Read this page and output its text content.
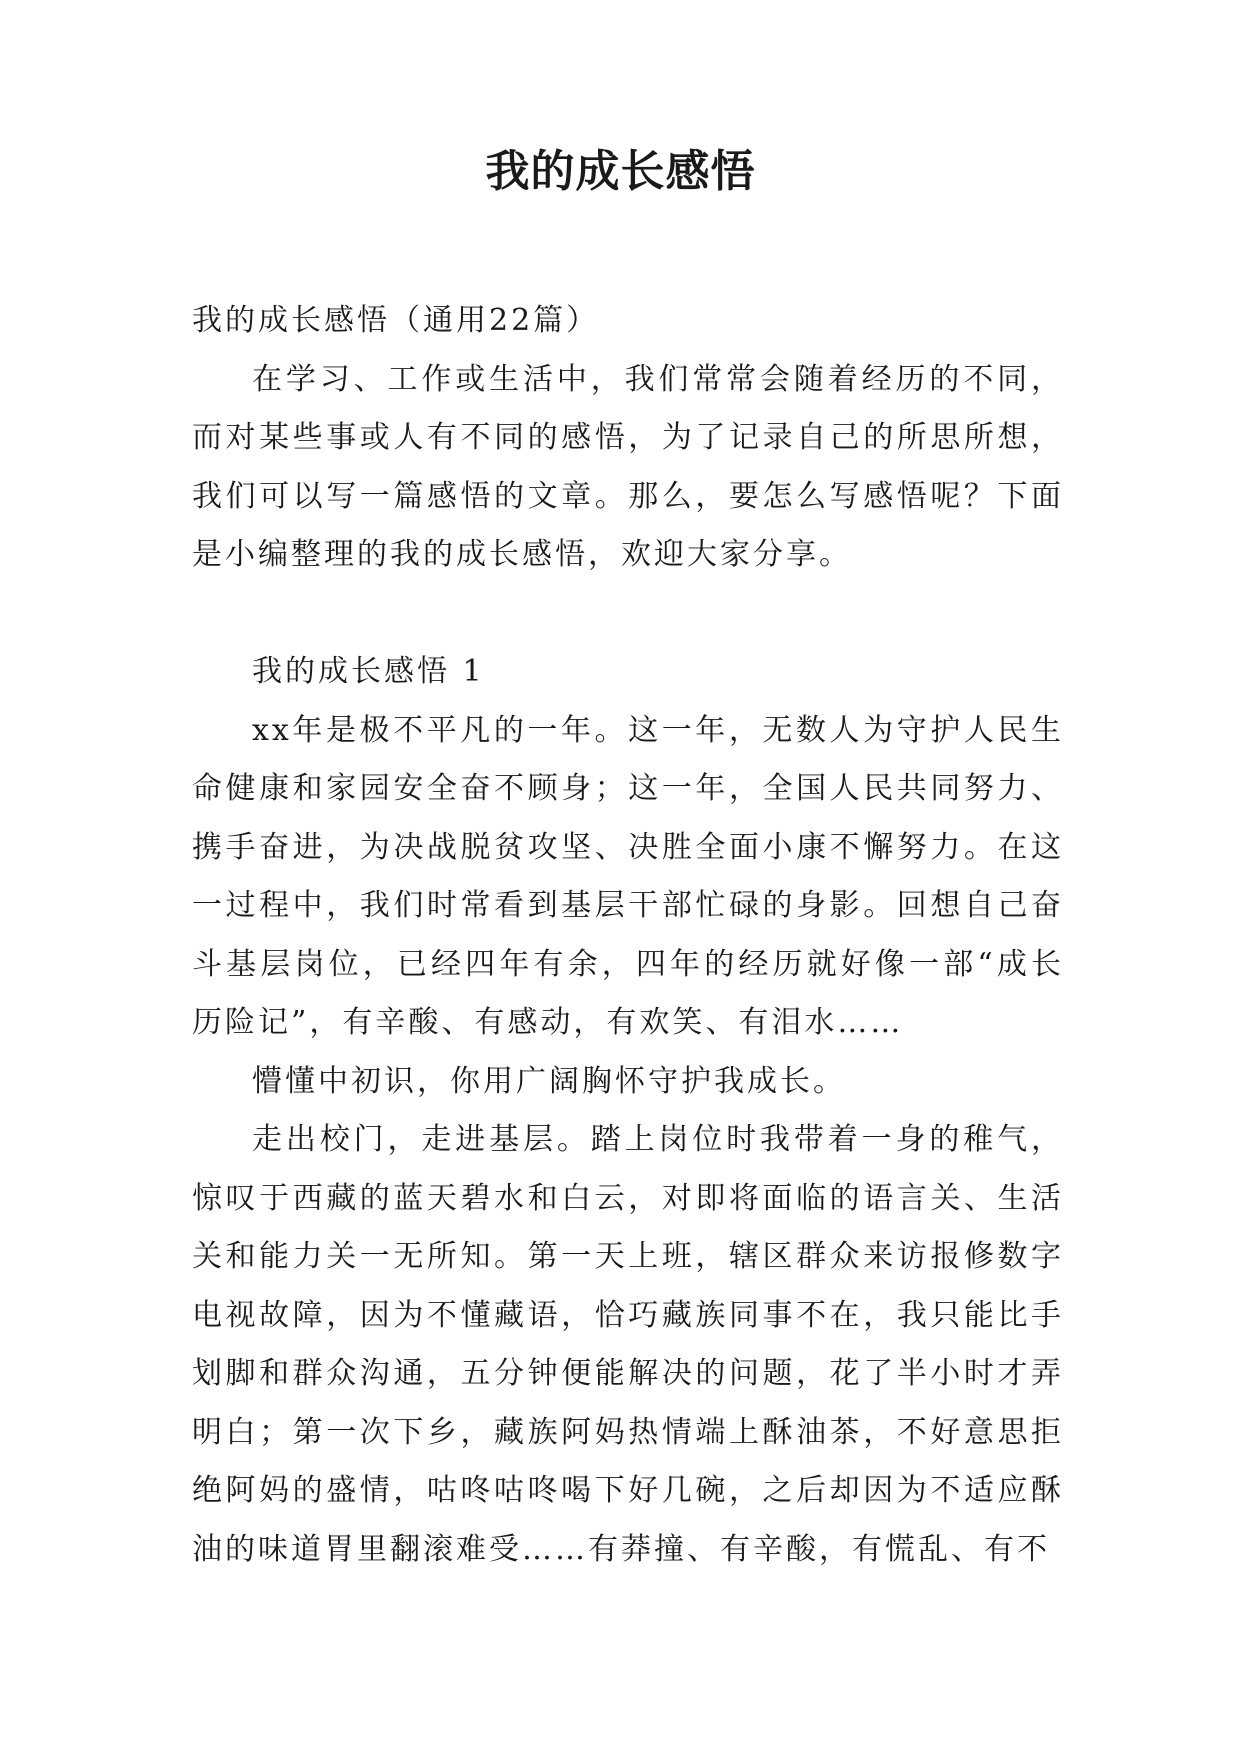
我的成长感悟

我的成长感悟（通用22篇）

在学习、工作或生活中，我们常常会随着经历的不同，而对某些事或人有不同的感悟，为了记录自己的所思所想，我们可以写一篇感悟的文章。那么，要怎么写感悟呢？下面是小编整理的我的成长感悟，欢迎大家分享。

我的成长感悟 1

xx年是极不平凡的一年。这一年，无数人为守护人民生命健康和家园安全奋不顾身；这一年，全国人民共同努力、携手奋进，为决战脱贫攻坚、决胜全面小康不懈努力。在这一过程中，我们时常看到基层干部忙碌的身影。回想自己奋斗基层岗位，已经四年有余，四年的经历就好像一部“成长历险记”，有辛酸、有感动，有欢笑、有泪水……

懵懂中初识，你用广阔胸怀守护我成长。

走出校门，走进基层。踏上岗位时我带着一身的稚气，惊叹于西藏的蓝天碧水和白云，对即将面临的语言关、生活关和能力关一无所知。第一天上班，辖区群众来访报修数字电视故障，因为不懂藏语，恰巧藏族同事不在，我只能比手划脚和群众沟通，五分钟便能解决的问题，花了半小时才弄明白；第一次下乡，藏族阿妈热情端上酥油茶，不好意思拒绝阿妈的盛情，咕咚咕咚喝下好几碗，之后却因为不适应酥油的味道胃里翻滚难受……有莽撞、有辛酸，有慌乱、有不
